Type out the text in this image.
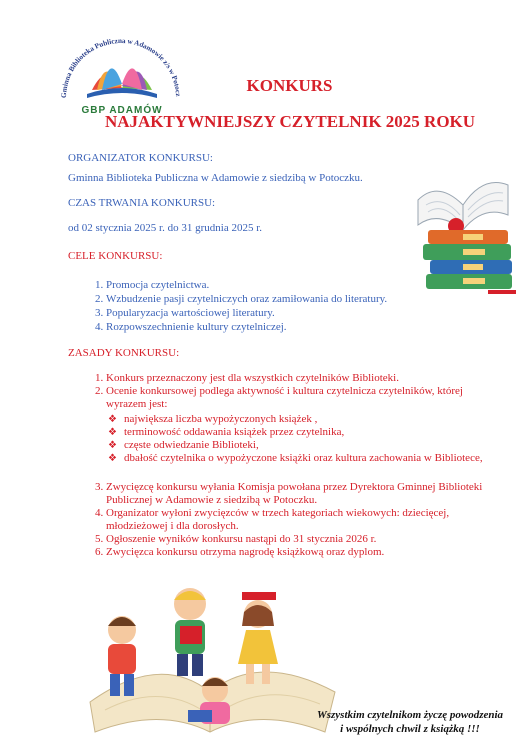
Gminna Biblioteka Publiczna w Adamowie z/s w Potocz
GBP ADAMÓW
KONKURS
NAJAKTYWNIEJSZY CZYTELNIK 2025 ROKU
ORGANIZATOR KONKURSU:
Gminna Biblioteka Publiczna w Adamowie z siedzibą w Potoczku.
CZAS TRWANIA KONKURSU:
od 02 stycznia 2025 r. do 31 grudnia 2025 r.
CELE KONKURSU:
1. Promocja czytelnictwa.
2. Wzbudzenie pasji czytelniczych oraz zamiłowania do literatury.
3. Popularyzacja wartościowej literatury.
4. Rozpowszechnienie kultury czytelniczej.
ZASADY KONKURSU:
1. Konkurs przeznaczony jest dla wszystkich czytelników Biblioteki.
2. Ocenie konkursowej podlega aktywność i kultura czytelnicza czytelników, której wyrazem jest:
❖ największa liczba wypożyczonych książek ,
❖ terminowość oddawania książek przez czytelnika,
❖ częste odwiedzanie Biblioteki,
❖ dbałość czytelnika o wypożyczone książki oraz kultura zachowania w Bibliotece,
3. Zwycięzcę konkursu wyłania Komisja powołana przez Dyrektora Gminnej Biblioteki Publicznej w Adamowie z siedzibą w Potoczku.
4. Organizator wyłoni zwycięzców w trzech kategoriach wiekowych: dziecięcej, młodzieżowej i dla dorosłych.
5. Ogłoszenie wyników konkursu nastąpi do 31 stycznia 2026 r.
6. Zwycięzca konkursu otrzyma nagrodę książkową oraz dyplom.
Wszystkim czytelnikom życzę powodzenia
i wspólnych chwil z książką !!!
